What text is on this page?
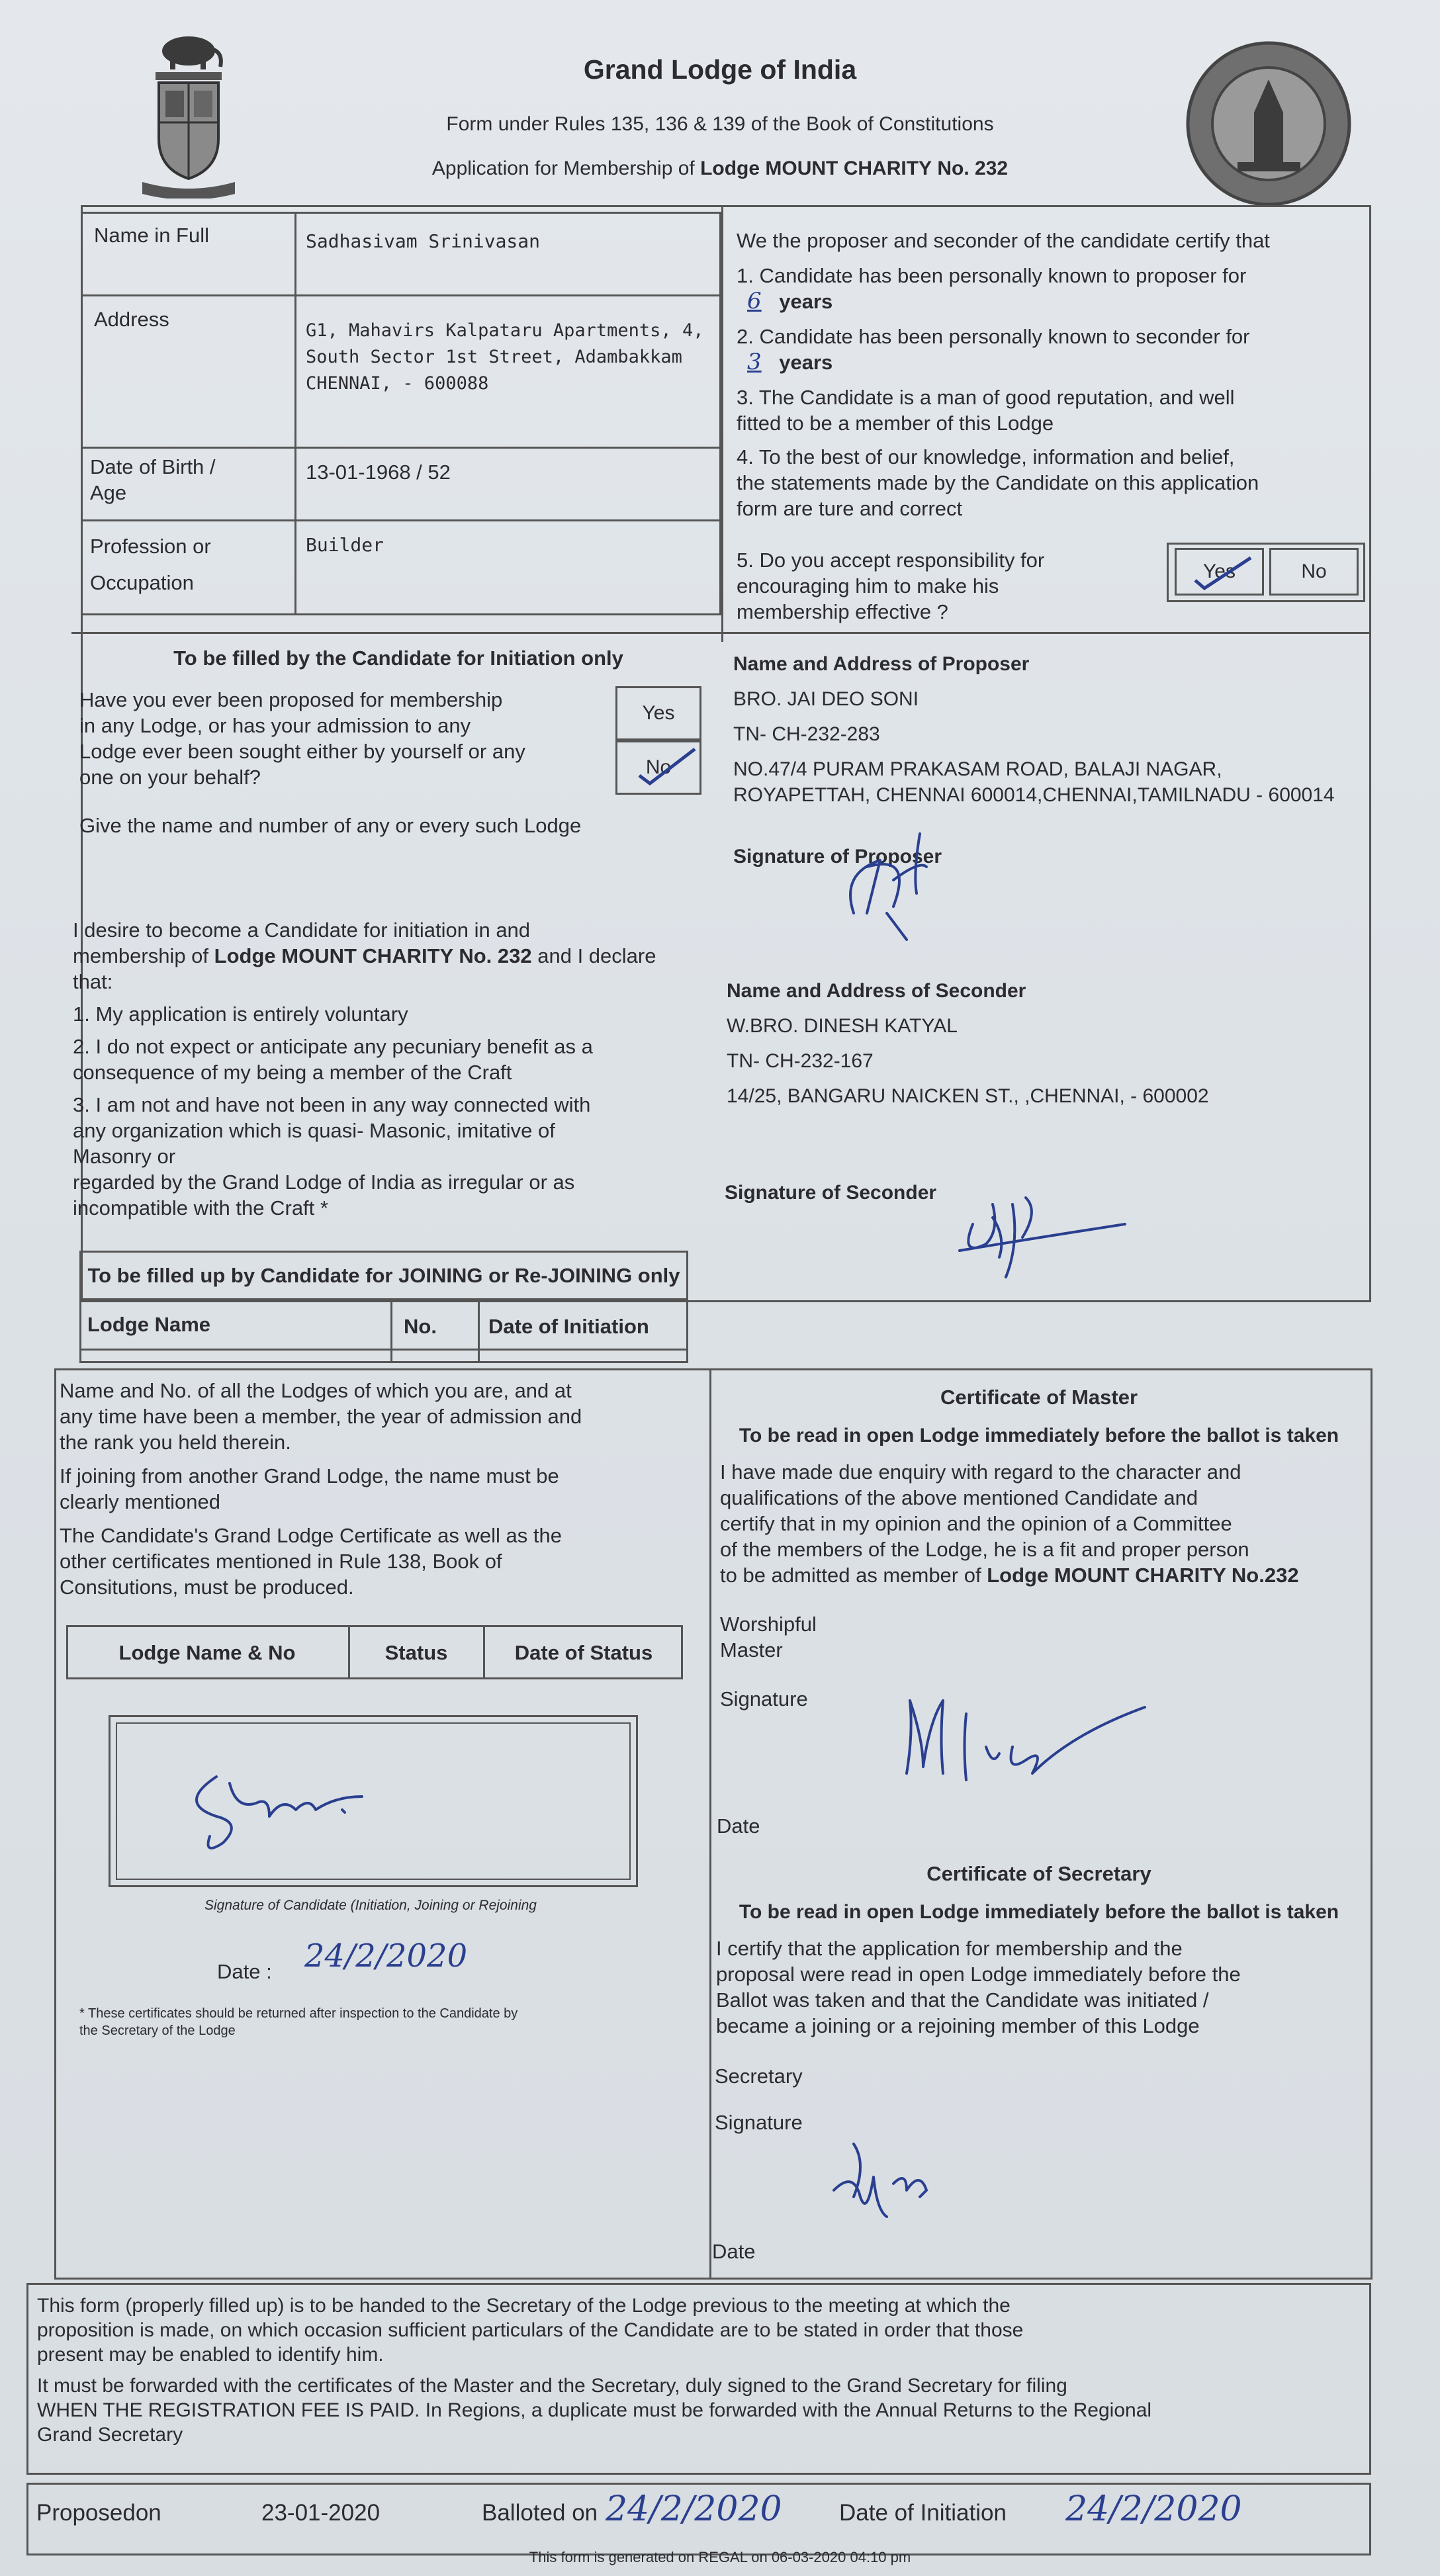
Grand Lodge of India
Form under Rules 135, 136 & 139 of the Book of Constitutions
Application for Membership of Lodge MOUNT CHARITY No. 232
Name in Full	Sadhasivam Srinivasan
Address	G1, Mahavirs Kalpataru Apartments, 4,
South Sector 1st Street, Adambakkam
CHENNAI, - 600088
Date of Birth /
Age
13-01-1968 / 52
Profession or
Occupation
Builder
We the proposer and seconder of the candidate certify that
1. Candidate has been personally known to proposer for
6 years
2. Candidate has been personally known to seconder for
3 years
3. The Candidate is a man of good reputation, and well
fitted to be a member of this Lodge
4. To the best of our knowledge, information and belief,
the statements made by the Candidate on this application
form are ture and correct
5. Do you accept responsibility for
encouraging him to make his
membership effective ?
Yes	No
To be filled by the Candidate for Initiation only
Have you ever been proposed for membership
in any Lodge, or has your admission to any
Lodge ever been sought either by yourself or any
one on your behalf?
Yes
No
Give the name and number of any or every such Lodge
I desire to become a Candidate for initiation in and
membership of Lodge MOUNT CHARITY No. 232 and I declare
that:
1. My application is entirely voluntary
2. I do not expect or anticipate any pecuniary benefit as a
consequence of my being a member of the Craft
3. I am not and have not been in any way connected with
any organization which is quasi- Masonic, imitative of
Masonry or
regarded by the Grand Lodge of India as irregular or as
incompatible with the Craft *
To be filled up by Candidate for JOINING or Re-JOINING only
Lodge Name	No.	Date of Initiation
Name and Address of Proposer
BRO. JAI DEO SONI
TN- CH-232-283
NO.47/4 PURAM PRAKASAM ROAD, BALAJI NAGAR,
ROYAPETTAH, CHENNAI 600014,CHENNAI,TAMILNADU - 600014
Signature of Proposer
Name and Address of Seconder
W.BRO. DINESH KATYAL
TN- CH-232-167
14/25, BANGARU NAICKEN ST., ,CHENNAI, - 600002
Signature of Seconder
Name and No. of all the Lodges of which you are, and at
any time have been a member, the year of admission and
the rank you held therein.
If joining from another Grand Lodge, the name must be
clearly mentioned
The Candidate's Grand Lodge Certificate as well as the
other certificates mentioned in Rule 138, Book of
Consitutions, must be produced.
Lodge Name & No	Status	Date of Status
Signature of Candidate (Initiation, Joining or Rejoining
Date : 24/2/2020
* These certificates should be returned after inspection to the Candidate by
the Secretary of the Lodge
Certificate of Master
To be read in open Lodge immediately before the ballot is taken
I have made due enquiry with regard to the character and
qualifications of the above mentioned Candidate and
certify that in my opinion and the opinion of a Committee
of the members of the Lodge, he is a fit and proper person
to be admitted as member of Lodge MOUNT CHARITY No.232
Worshipful
Master
Signature
Date
Certificate of Secretary
To be read in open Lodge immediately before the ballot is taken
I certify that the application for membership and the
proposal were read in open Lodge immediately before the
Ballot was taken and that the Candidate was initiated /
became a joining or a rejoining member of this Lodge
Secretary
Signature
Date
This form (properly filled up) is to be handed to the Secretary of the Lodge previous to the meeting at which the
proposition is made, on which occasion sufficient particulars of the Candidate are to be stated in order that those
present may be enabled to identify him.
It must be forwarded with the certificates of the Master and the Secretary, duly signed to the Grand Secretary for filing
WHEN THE REGISTRATION FEE IS PAID. In Regions, a duplicate must be forwarded with the Annual Returns to the Regional
Grand Secretary
Proposedon	23-01-2020	Balloted on 24/2/2020 Date of Initiation 24/2/2020
This form is generated on REGAL on 06-03-2020 04:10 pm
